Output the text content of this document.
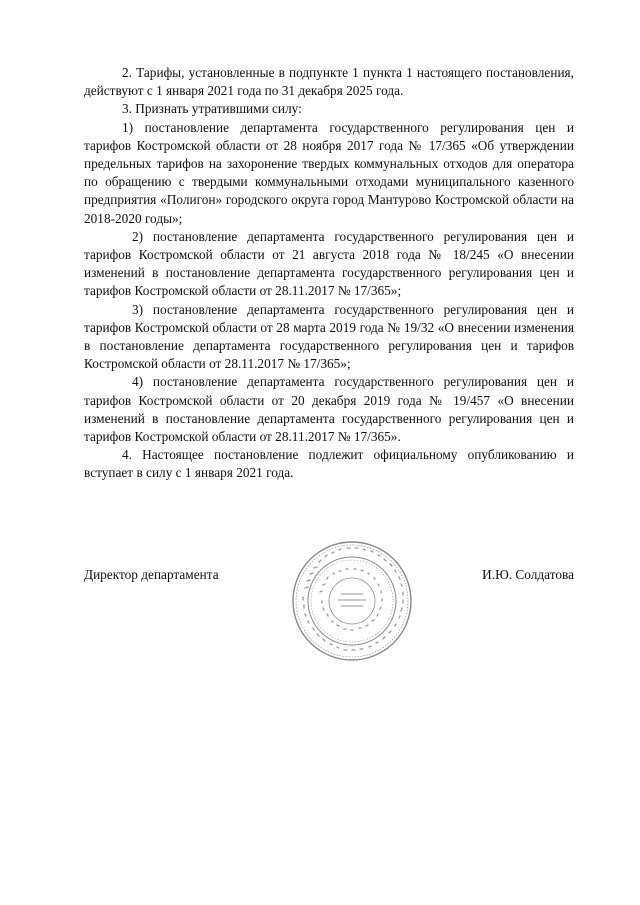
2. Тарифы, установленные в подпункте 1 пункта 1 настоящего постановления, действуют с 1 января 2021 года по 31 декабря 2025 года.

3. Признать утратившими силу:

1) постановление департамента государственного регулирования цен и тарифов Костромской области от 28 ноября 2017 года № 17/365 «Об утверждении предельных тарифов на захоронение твердых коммунальных отходов для оператора по обращению с твердыми коммунальными отходами муниципального казенного предприятия «Полигон» городского округа город Мантурово Костромской области на 2018-2020 годы»;

2) постановление департамента государственного регулирования цен и тарифов Костромской области от 21 августа 2018 года № 18/245 «О внесении изменений в постановление департамента государственного регулирования цен и тарифов Костромской области от 28.11.2017 № 17/365»;

3) постановление департамента государственного регулирования цен и тарифов Костромской области от 28 марта 2019 года № 19/32 «О внесении изменения в постановление департамента государственного регулирования цен и тарифов Костромской области от 28.11.2017 № 17/365»;

4) постановление департамента государственного регулирования цен и тарифов Костромской области от 20 декабря 2019 года № 19/457 «О внесении изменений в постановление департамента государственного регулирования цен и тарифов Костромской области от 28.11.2017 № 17/365».

4. Настоящее постановление подлежит официальному опубликованию и вступает в силу с 1 января 2021 года.

Директор департамента	И.Ю. Солдатова
